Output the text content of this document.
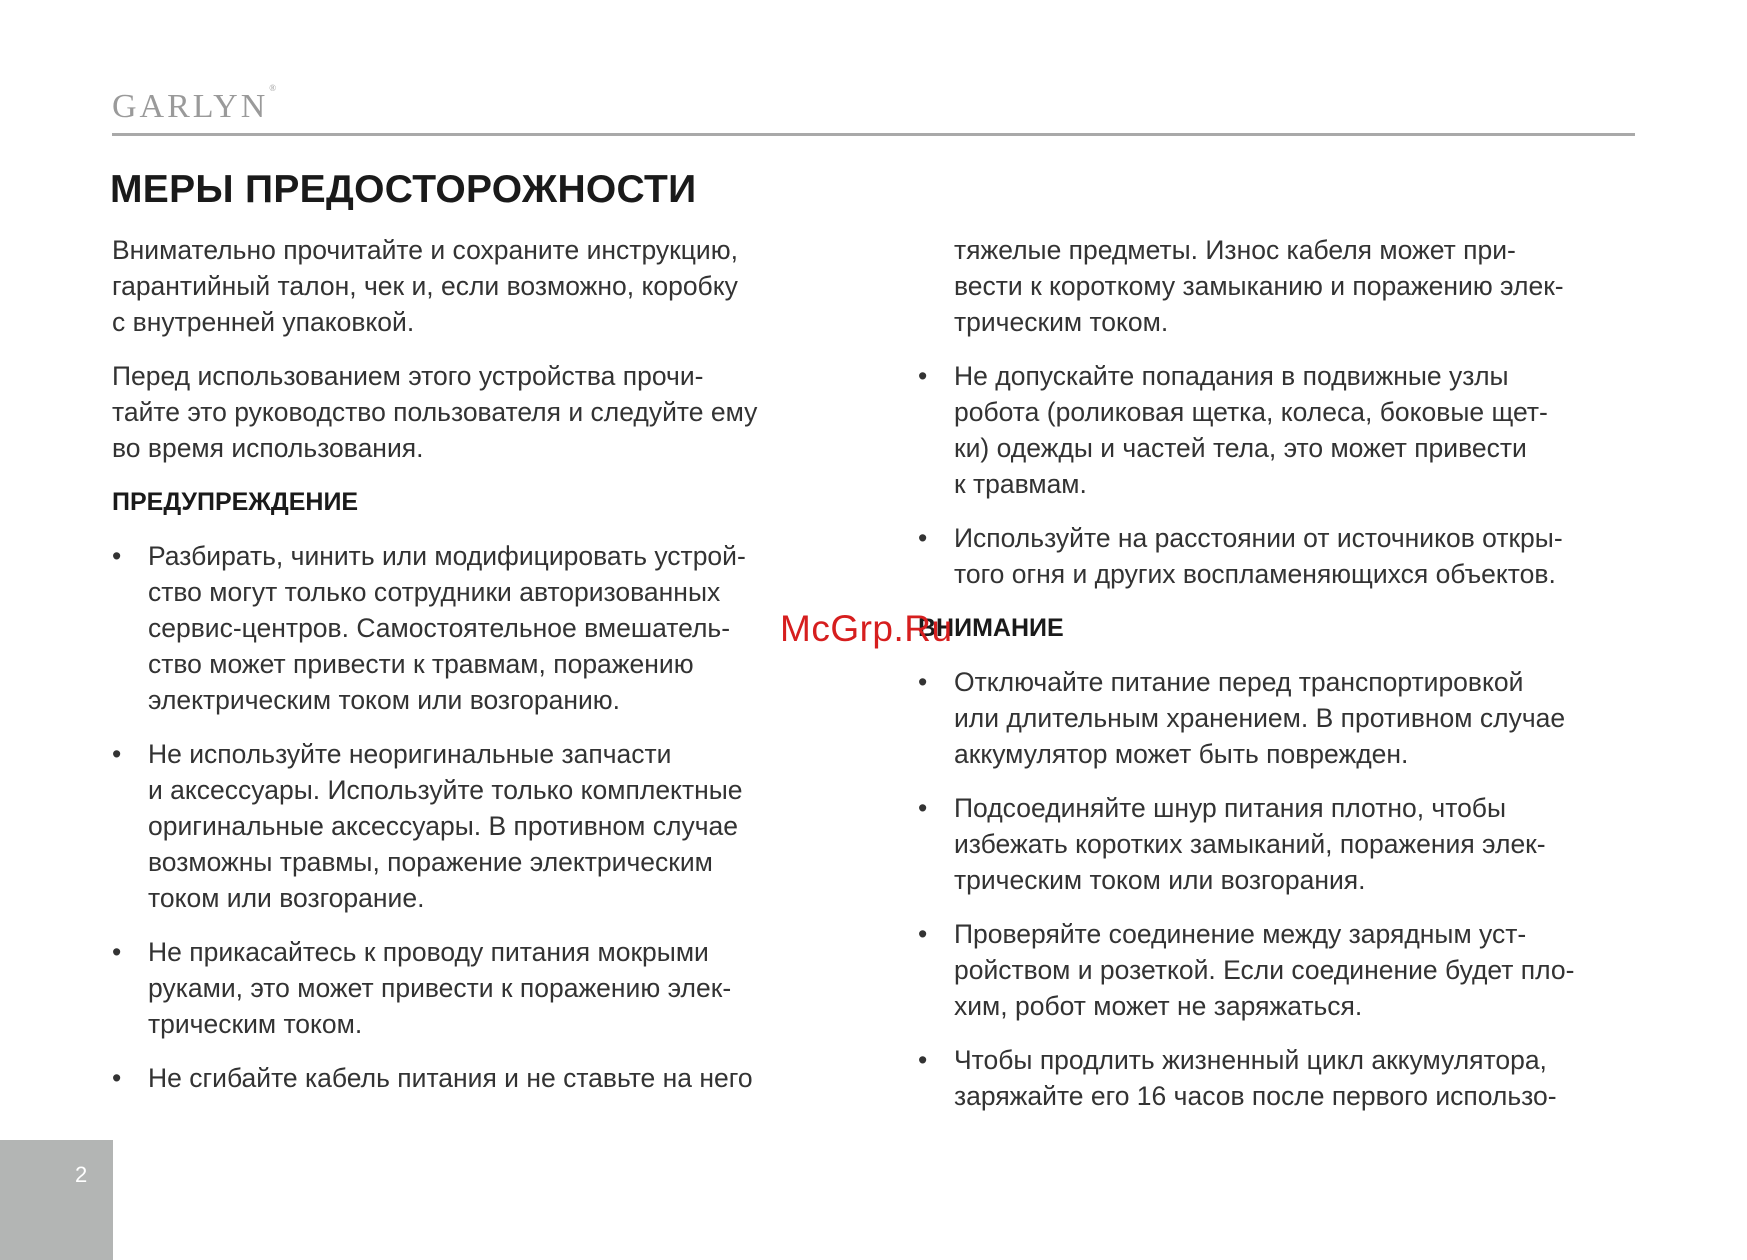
GARLYN®
МЕРЫ ПРЕДОСТОРОЖНОСТИ

Внимательно прочитайте и сохраните инструкцию,
гарантийный талон, чек и, если возможно, коробку
с внутренней упаковкой.

Перед использованием этого устройства прочи-
тайте это руководство пользователя и следуйте ему
во время использования.

ПРЕДУПРЕЖДЕНИЕ
• Разбирать, чинить или модифицировать устрой-
ство могут только сотрудники авторизованных
сервис-центров. Самостоятельное вмешатель-
ство может привести к травмам, поражению
электрическим током или возгоранию.
• Не используйте неоригинальные запчасти
и аксессуары. Используйте только комплектные
оригинальные аксессуары. В противном случае
возможны травмы, поражение электрическим
током или возгорание.
• Не прикасайтесь к проводу питания мокрыми
руками, это может привести к поражению элек-
трическим током.
• Не сгибайте кабель питания и не ставьте на него
тяжелые предметы. Износ кабеля может при-
вести к короткому замыканию и поражению элек-
трическим током.
• Не допускайте попадания в подвижные узлы
робота (роликовая щетка, колеса, боковые щет-
ки) одежды и частей тела, это может привести
к травмам.
• Используйте на расстоянии от источников откры-
того огня и других воспламеняющихся объектов.
ВНИМАНИЕ
• Отключайте питание перед транспортировкой
или длительным хранением. В противном случае
аккумулятор может быть поврежден.
• Подсоединяйте шнур питания плотно, чтобы
избежать коротких замыканий, поражения элек-
трическим током или возгорания.
• Проверяйте соединение между зарядным уст-
ройством и розеткой. Если соединение будет пло-
хим, робот может не заряжаться.
• Чтобы продлить жизненный цикл аккумулятора,
заряжайте его 16 часов после первого использо-
McGrp.Ru
2
